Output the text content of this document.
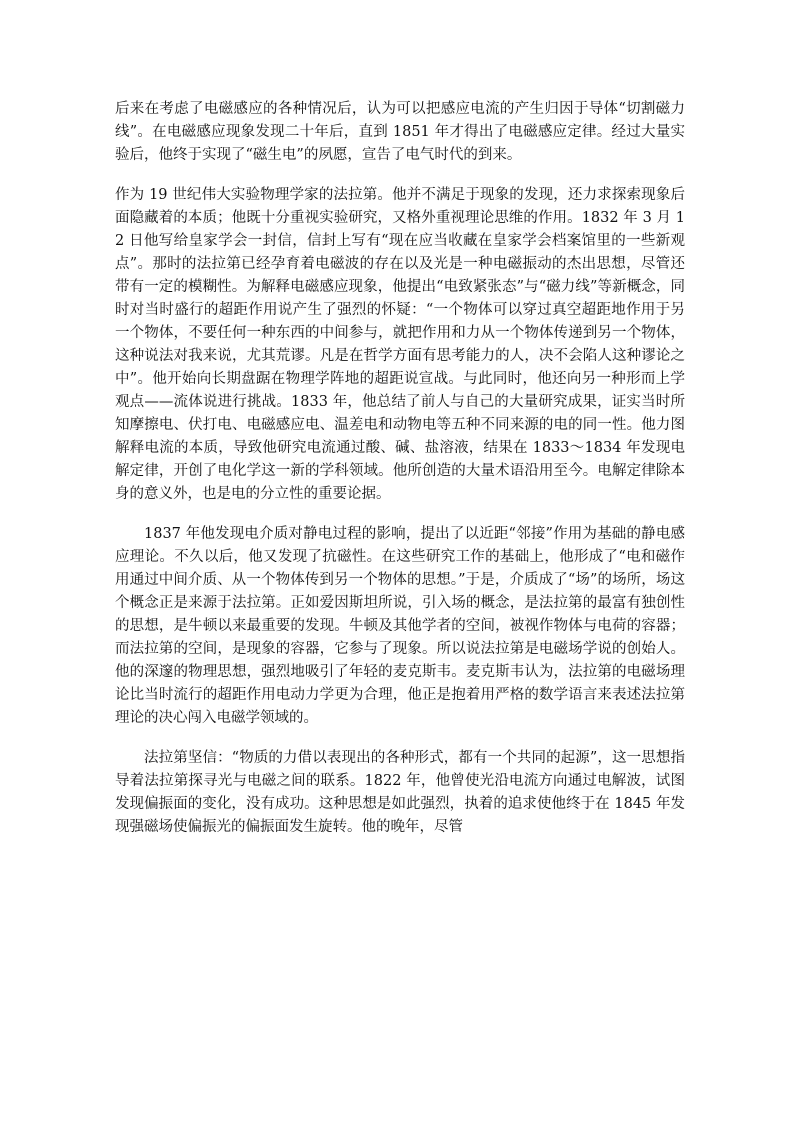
后来在考虑了电磁感应的各种情况后，认为可以把感应电流的产生归因于导体“切割磁力线”。在电磁感应现象发现二十年后，直到 1851 年才得出了电磁感应定律。经过大量实验后，他终于实现了“磁生电”的夙愿，宣告了电气时代的到来。

作为 19 世纪伟大实验物理学家的法拉第。他并不满足于现象的发现，还力求探索现象后面隐藏着的本质；他既十分重视实验研究，又格外重视理论思维的作用。1832 年 3 月 12 日他写给皇家学会一封信，信封上写有“现在应当收藏在皇家学会档案馆里的一些新观点”。那时的法拉第已经孕育着电磁波的存在以及光是一种电磁振动的杰出思想，尽管还带有一定的模糊性。为解释电磁感应现象，他提出“电致紧张态”与“磁力线”等新概念，同时对当时盛行的超距作用说产生了强烈的怀疑：“一个物体可以穿过真空超距地作用于另一个物体，不要任何一种东西的中间参与，就把作用和力从一个物体传递到另一个物体，这种说法对我来说，尤其荒谬。凡是在哲学方面有思考能力的人，决不会陷人这种谬论之中”。他开始向长期盘踞在物理学阵地的超距说宣战。与此同时，他还向另一种形而上学观点——流体说进行挑战。1833 年，他总结了前人与自己的大量研究成果，证实当时所知摩擦电、伏打电、电磁感应电、温差电和动物电等五种不同来源的电的同一性。他力图解释电流的本质，导致他研究电流通过酸、碱、盐溶液，结果在 1833～1834 年发现电解定律，开创了电化学这一新的学科领域。他所创造的大量术语沿用至今。电解定律除本身的意义外，也是电的分立性的重要论据。

1837 年他发现电介质对静电过程的影响，提出了以近距“邻接”作用为基础的静电感应理论。不久以后，他又发现了抗磁性。在这些研究工作的基础上，他形成了“电和磁作用通过中间介质、从一个物体传到另一个物体的思想。”于是，介质成了“场”的场所，场这个概念正是来源于法拉第。正如爱因斯坦所说，引入场的概念，是法拉第的最富有独创性的思想，是牛顿以来最重要的发现。牛顿及其他学者的空间，被视作物体与电荷的容器；而法拉第的空间，是现象的容器，它参与了现象。所以说法拉第是电磁场学说的创始人。他的深邃的物理思想，强烈地吸引了年轻的麦克斯韦。麦克斯韦认为，法拉第的电磁场理论比当时流行的超距作用电动力学更为合理，他正是抱着用严格的数学语言来表述法拉第理论的决心闯入电磁学领域的。

法拉第坚信：“物质的力借以表现出的各种形式，都有一个共同的起源”，这一思想指导着法拉第探寻光与电磁之间的联系。1822 年，他曾使光沿电流方向通过电解波，试图发现偏振面的变化，没有成功。这种思想是如此强烈，执着的追求使他终于在 1845 年发现强磁场使偏振光的偏振面发生旋转。他的晚年，尽管
